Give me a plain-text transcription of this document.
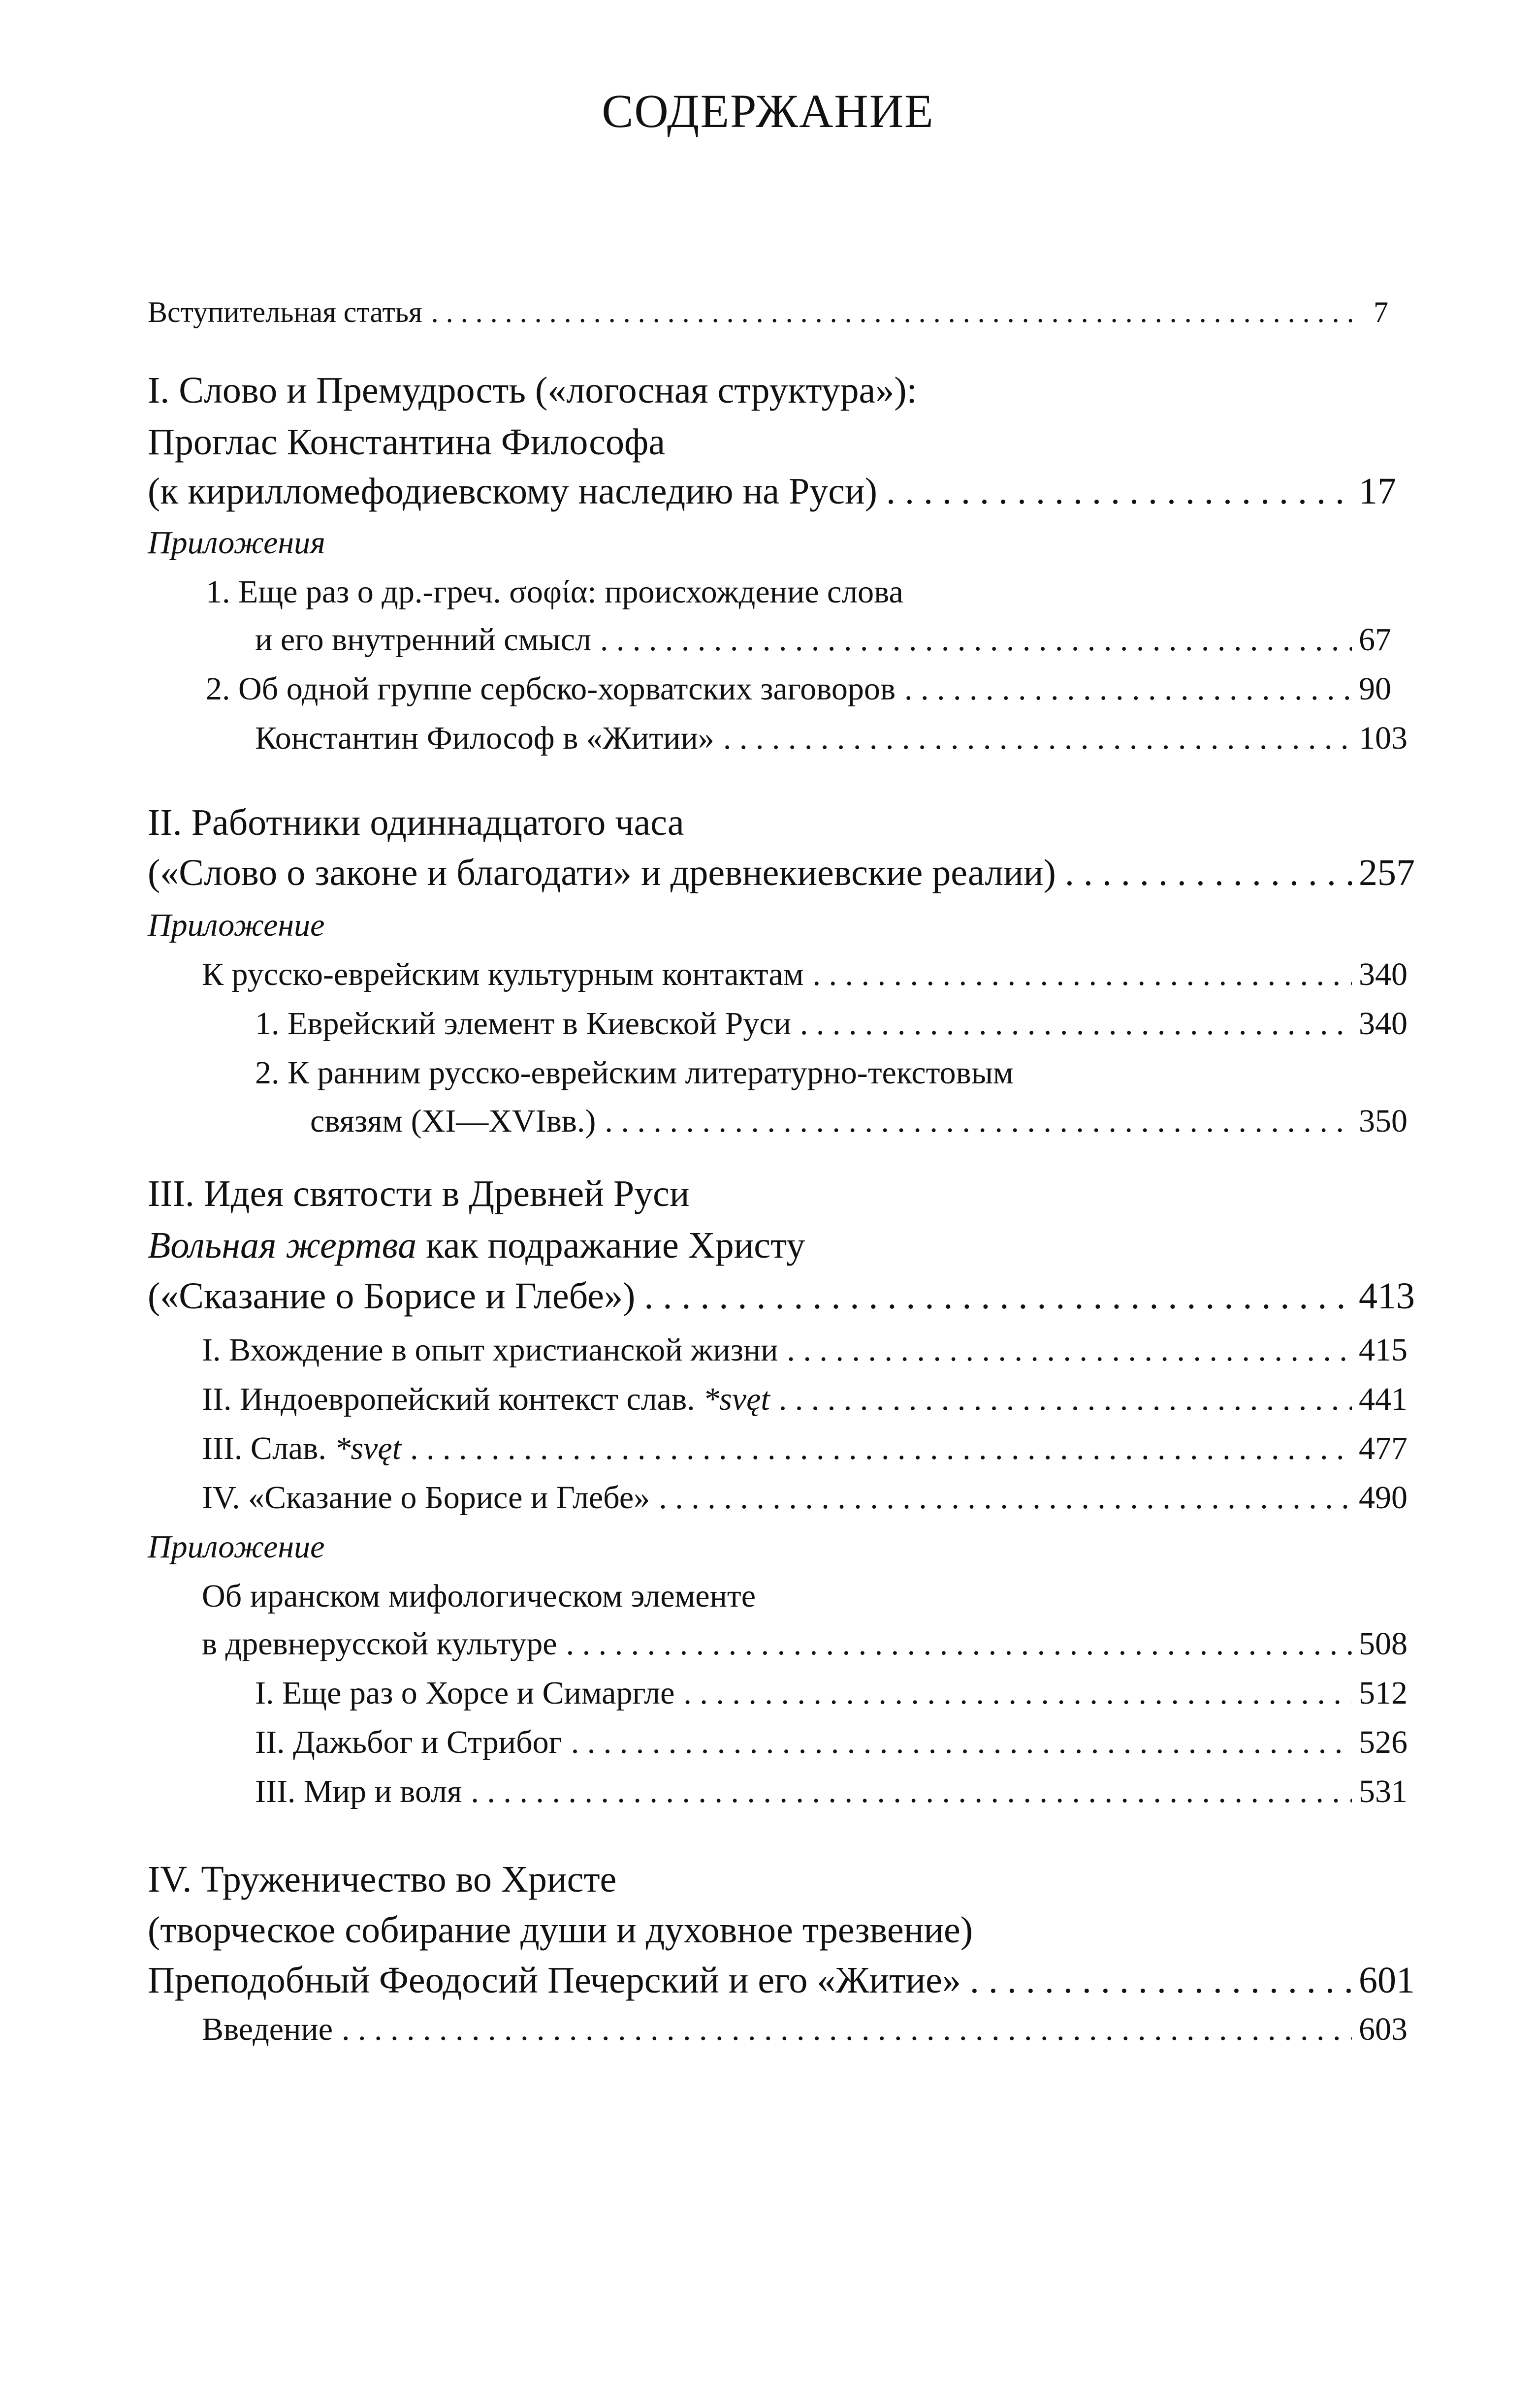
СОДЕРЖАНИЕ
Вступительная статья . . .	7
I. Слово и Премудрость («логосная структура»):
Проглас Константина Философа
(к кирилломефодиевскому наследию на Руси) . . .	17
Приложения
1. Еще раз о др.-греч. σοφία: происхождение слова
и его внутренний смысл . . .	67
2. Об одной группе сербско-хорватских заговоров . . .	90
Константин Философ в «Житии» . . .	103
II. Работники одиннадцатого часа
(«Слово о законе и благодати» и древнекиевские реалии) . . .	257
Приложение
К русско-еврейским культурным контактам . . .	340
1. Еврейский элемент в Киевской Руси . . .	340
2. К ранним русско-еврейским литературно-текстовым
связям (XI—XVIвв.) . . .	350
III. Идея святости в Древней Руси
Вольная жертва как подражание Христу
(«Сказание о Борисе и Глебе») . . .	413
I. Вхождение в опыт христианской жизни . . .	415
II. Индоевропейский контекст слав. *svęt . . .	441
III. Слав. *svęt . . .	477
IV. «Сказание о Борисе и Глебе» . . .	490
Приложение
Об иранском мифологическом элементе
в древнерусской культуре . . .	508
I. Еще раз о Хорсе и Симаргле . . .	512
II. Дажьбог и Стрибог . . .	526
III. Мир и воля . . .	531
IV. Труженичество во Христе
(творческое собирание души и духовное трезвение)
Преподобный Феодосий Печерский и его «Житие» . . .	601
Введение . . .	603
